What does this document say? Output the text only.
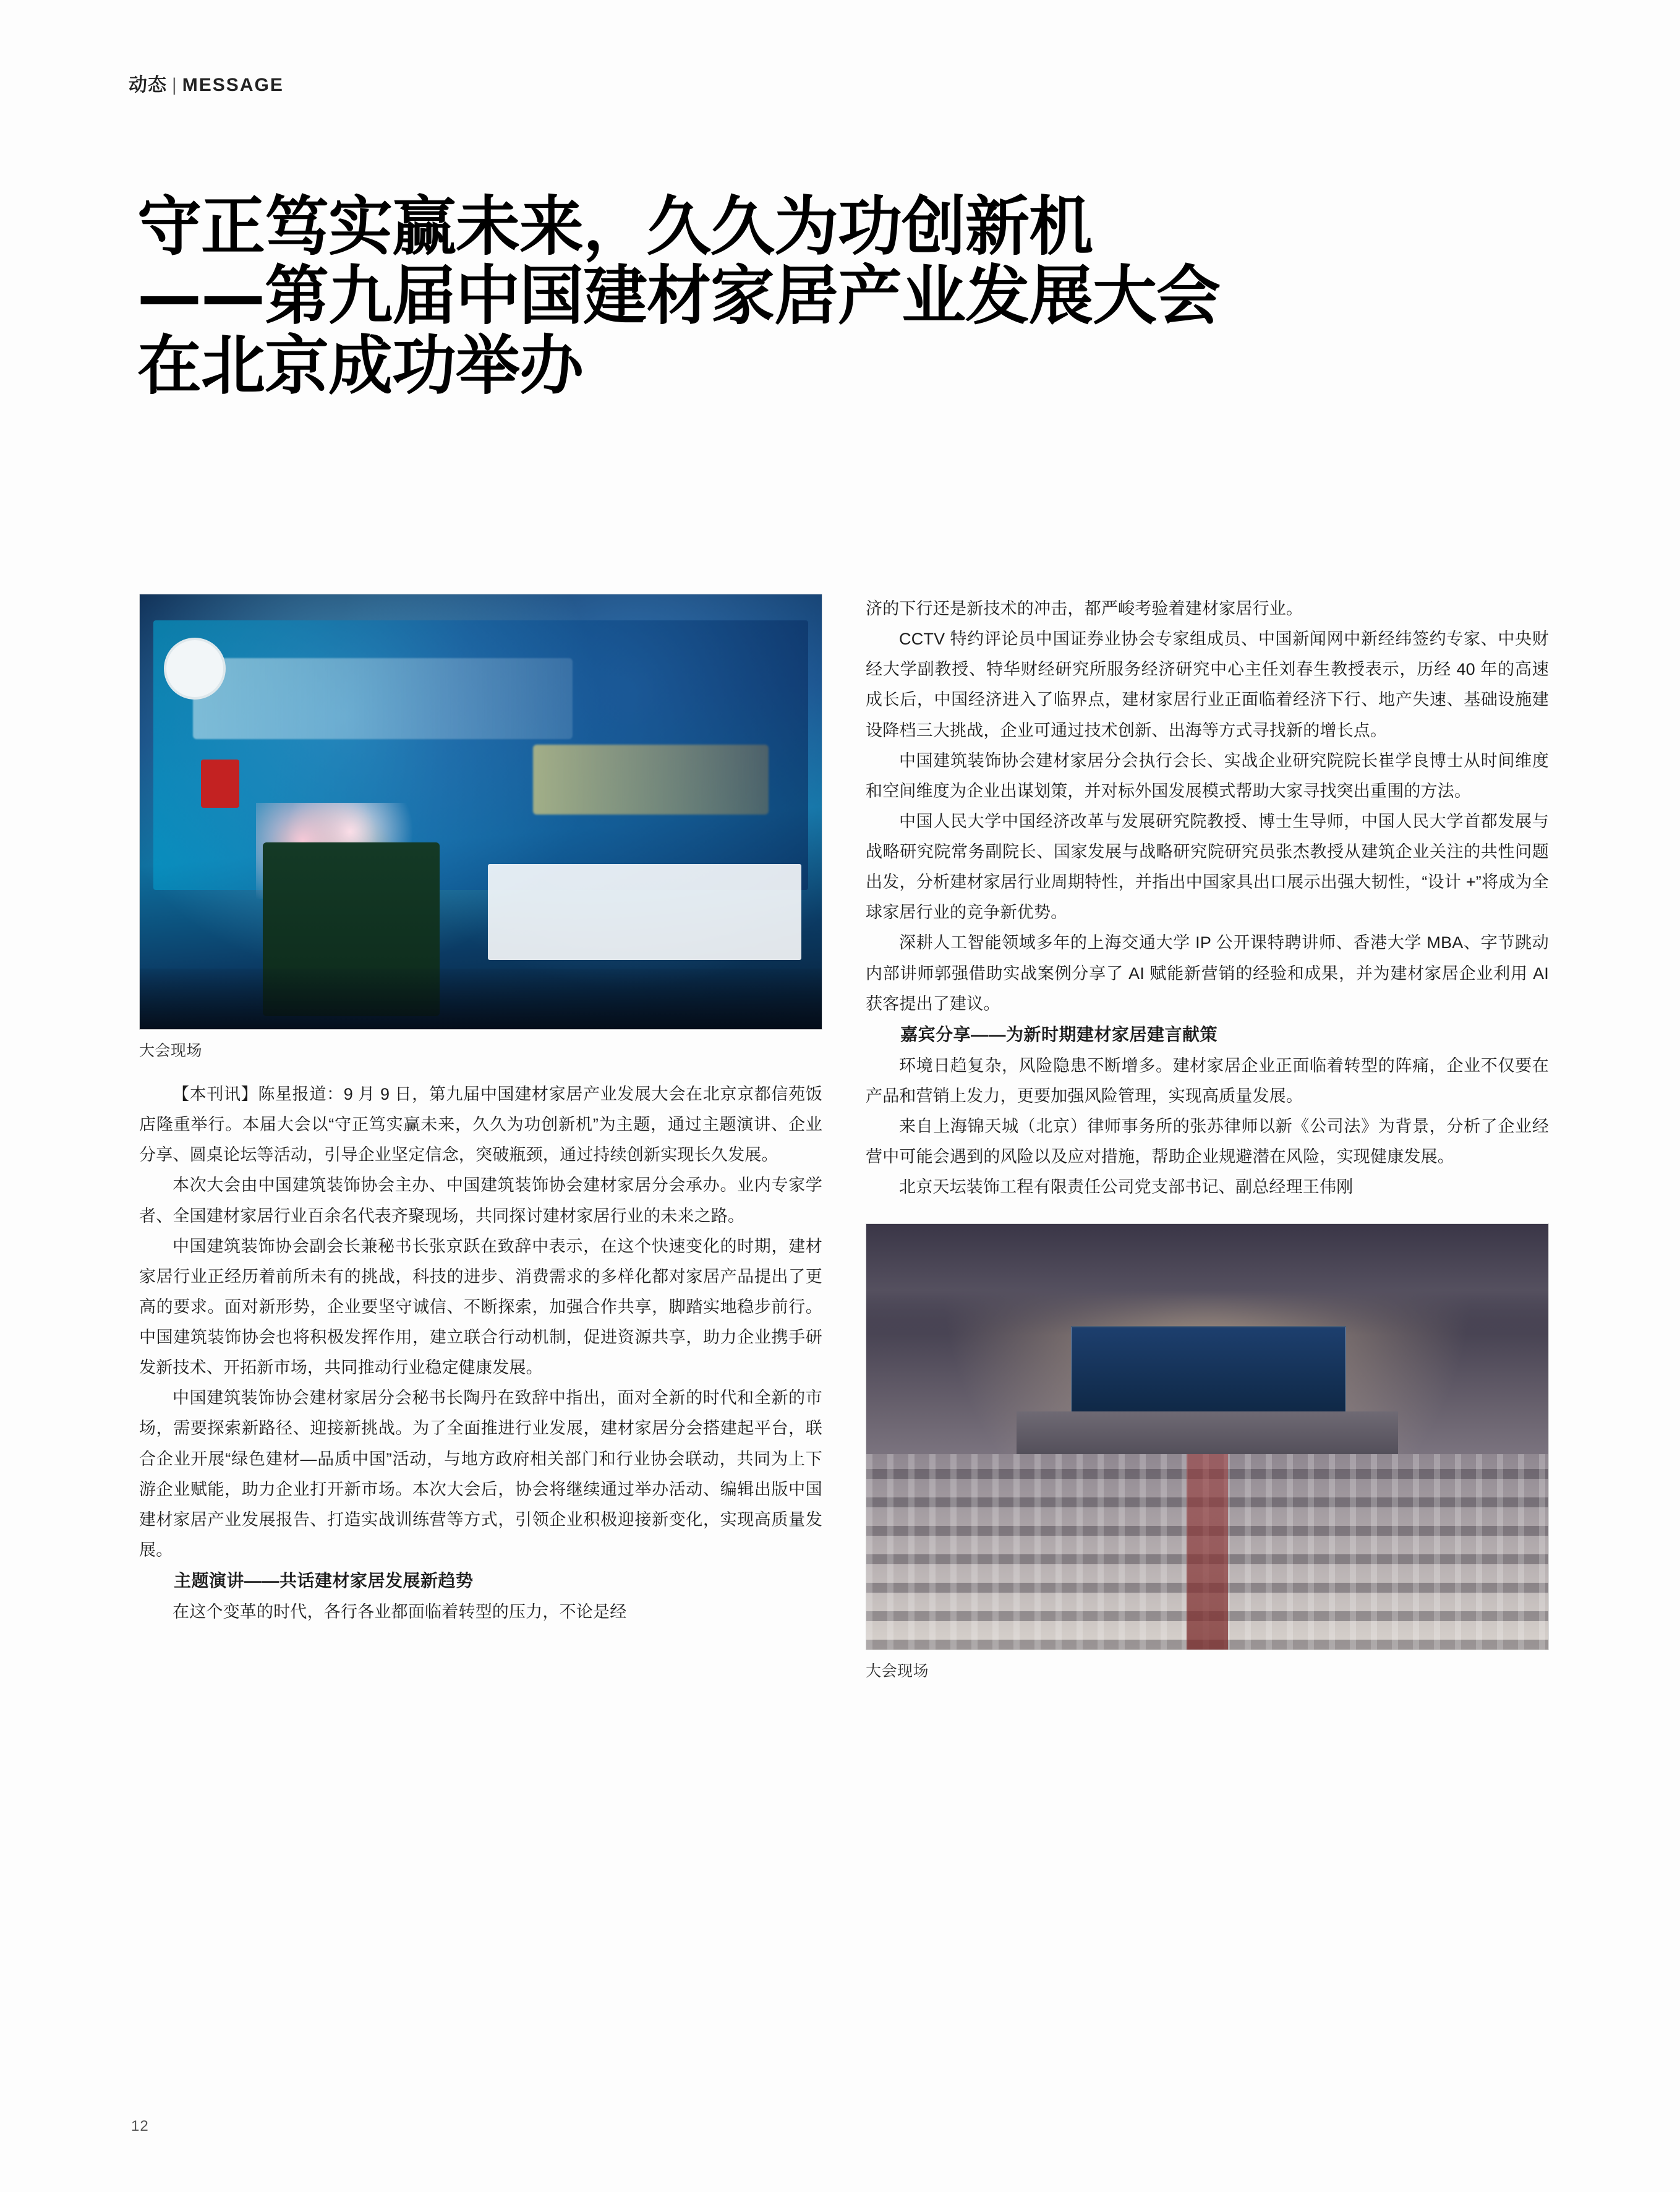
动态 | MESSAGE
守正笃实赢未来，久久为功创新机
——第九届中国建材家居产业发展大会
在北京成功举办
大会现场

【本刊讯】陈星报道：9 月 9 日，第九届中国建材家居产业发展大会在北京京都信苑饭店隆重举行。本届大会以“守正笃实赢未来，久久为功创新机”为主题，通过主题演讲、企业分享、圆桌论坛等活动，引导企业坚定信念，突破瓶颈，通过持续创新实现长久发展。

本次大会由中国建筑装饰协会主办、中国建筑装饰协会建材家居分会承办。业内专家学者、全国建材家居行业百余名代表齐聚现场，共同探讨建材家居行业的未来之路。

中国建筑装饰协会副会长兼秘书长张京跃在致辞中表示，在这个快速变化的时期，建材家居行业正经历着前所未有的挑战，科技的进步、消费需求的多样化都对家居产品提出了更高的要求。面对新形势，企业要坚守诚信、不断探索，加强合作共享，脚踏实地稳步前行。中国建筑装饰协会也将积极发挥作用，建立联合行动机制，促进资源共享，助力企业携手研发新技术、开拓新市场，共同推动行业稳定健康发展。

中国建筑装饰协会建材家居分会秘书长陶丹在致辞中指出，面对全新的时代和全新的市场，需要探索新路径、迎接新挑战。为了全面推进行业发展，建材家居分会搭建起平台，联合企业开展“绿色建材—品质中国”活动，与地方政府相关部门和行业协会联动，共同为上下游企业赋能，助力企业打开新市场。本次大会后，协会将继续通过举办活动、编辑出版中国建材家居产业发展报告、打造实战训练营等方式，引领企业积极迎接新变化，实现高质量发展。

主题演讲——共话建材家居发展新趋势

在这个变革的时代，各行各业都面临着转型的压力，不论是经

济的下行还是新技术的冲击，都严峻考验着建材家居行业。

CCTV 特约评论员中国证券业协会专家组成员、中国新闻网中新经纬签约专家、中央财经大学副教授、特华财经研究所服务经济研究中心主任刘春生教授表示，历经 40 年的高速成长后，中国经济进入了临界点，建材家居行业正面临着经济下行、地产失速、基础设施建设降档三大挑战，企业可通过技术创新、出海等方式寻找新的增长点。

中国建筑装饰协会建材家居分会执行会长、实战企业研究院院长崔学良博士从时间维度和空间维度为企业出谋划策，并对标外国发展模式帮助大家寻找突出重围的方法。

中国人民大学中国经济改革与发展研究院教授、博士生导师，中国人民大学首都发展与战略研究院常务副院长、国家发展与战略研究院研究员张杰教授从建筑企业关注的共性问题出发，分析建材家居行业周期特性，并指出中国家具出口展示出强大韧性，“设计 +”将成为全球家居行业的竞争新优势。

深耕人工智能领域多年的上海交通大学 IP 公开课特聘讲师、香港大学 MBA、字节跳动内部讲师郭强借助实战案例分享了 AI 赋能新营销的经验和成果，并为建材家居企业利用 AI 获客提出了建议。

嘉宾分享——为新时期建材家居建言献策

环境日趋复杂，风险隐患不断增多。建材家居企业正面临着转型的阵痛，企业不仅要在产品和营销上发力，更要加强风险管理，实现高质量发展。

来自上海锦天城（北京）律师事务所的张苏律师以新《公司法》为背景，分析了企业经营中可能会遇到的风险以及应对措施，帮助企业规避潜在风险，实现健康发展。

北京天坛装饰工程有限责任公司党支部书记、副总经理王伟刚

大会现场
12
